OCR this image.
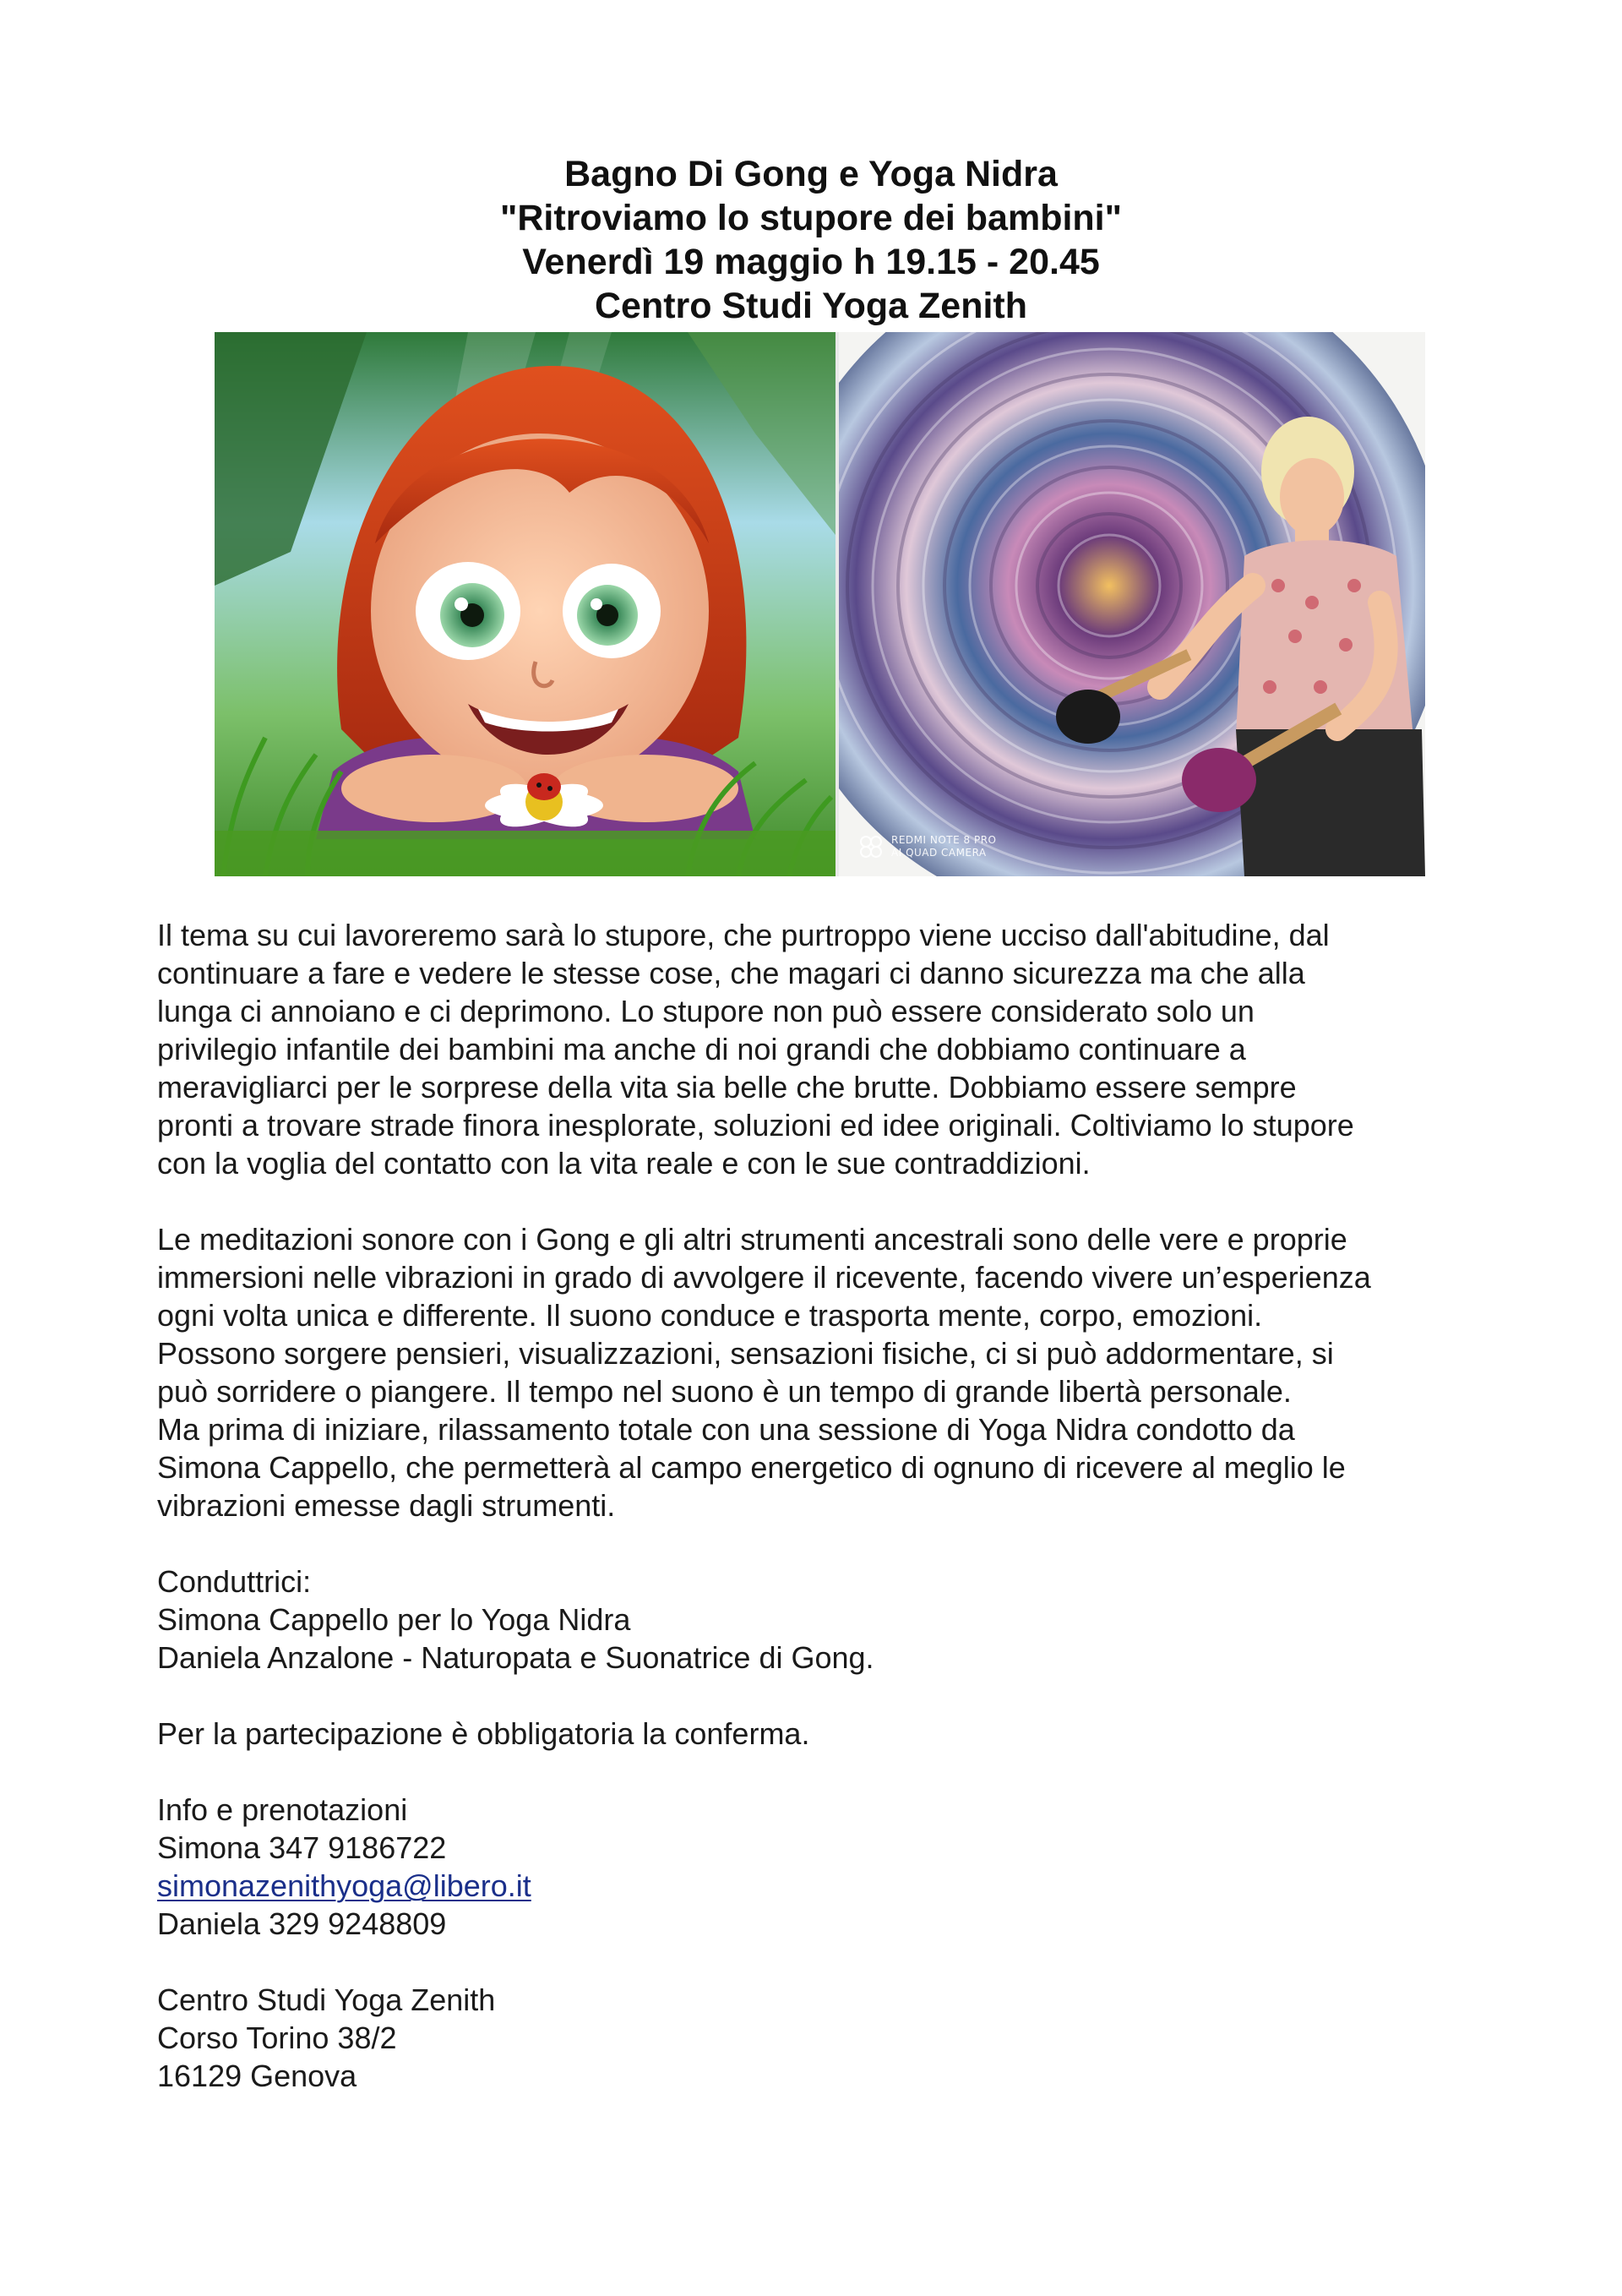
Bagno Di Gong e Yoga Nidra
"Ritroviamo lo stupore dei bambini"
Venerdì 19 maggio h 19.15 - 20.45
Centro Studi Yoga Zenith
REDMI NOTE 8 PRO
AI QUAD CAMERA
Il tema su cui lavoreremo sarà lo stupore, che purtroppo viene ucciso dall'abitudine, dal
continuare a fare e vedere le stesse cose, che magari ci danno sicurezza ma che alla
lunga ci annoiano e ci deprimono. Lo stupore non può essere considerato solo un
privilegio infantile dei bambini ma anche di noi grandi che dobbiamo continuare a
meravigliarci per le sorprese della vita sia belle che brutte. Dobbiamo essere sempre
pronti a trovare strade finora inesplorate, soluzioni ed idee originali. Coltiviamo lo stupore
con la voglia del contatto con la vita reale e con le sue contraddizioni.
Le meditazioni sonore con i Gong e gli altri strumenti ancestrali sono delle vere e proprie
immersioni nelle vibrazioni in grado di avvolgere il ricevente, facendo vivere un’esperienza
ogni volta unica e differente. Il suono conduce e trasporta mente, corpo, emozioni.
Possono sorgere pensieri, visualizzazioni, sensazioni fisiche, ci si può addormentare, si
può sorridere o piangere. Il tempo nel suono è un tempo di grande libertà personale.
Ma prima di iniziare, rilassamento totale con una sessione di Yoga Nidra condotto da
Simona Cappello, che permetterà al campo energetico di ognuno di ricevere al meglio le
vibrazioni emesse dagli strumenti.
Conduttrici:
Simona Cappello per lo Yoga Nidra
Daniela Anzalone - Naturopata e Suonatrice di Gong.
Per la partecipazione è obbligatoria la conferma.
Info e prenotazioni
Simona 347 9186722
simonazenithyoga@libero.it
Daniela 329 9248809
Centro Studi Yoga Zenith
Corso Torino 38/2
16129 Genova
